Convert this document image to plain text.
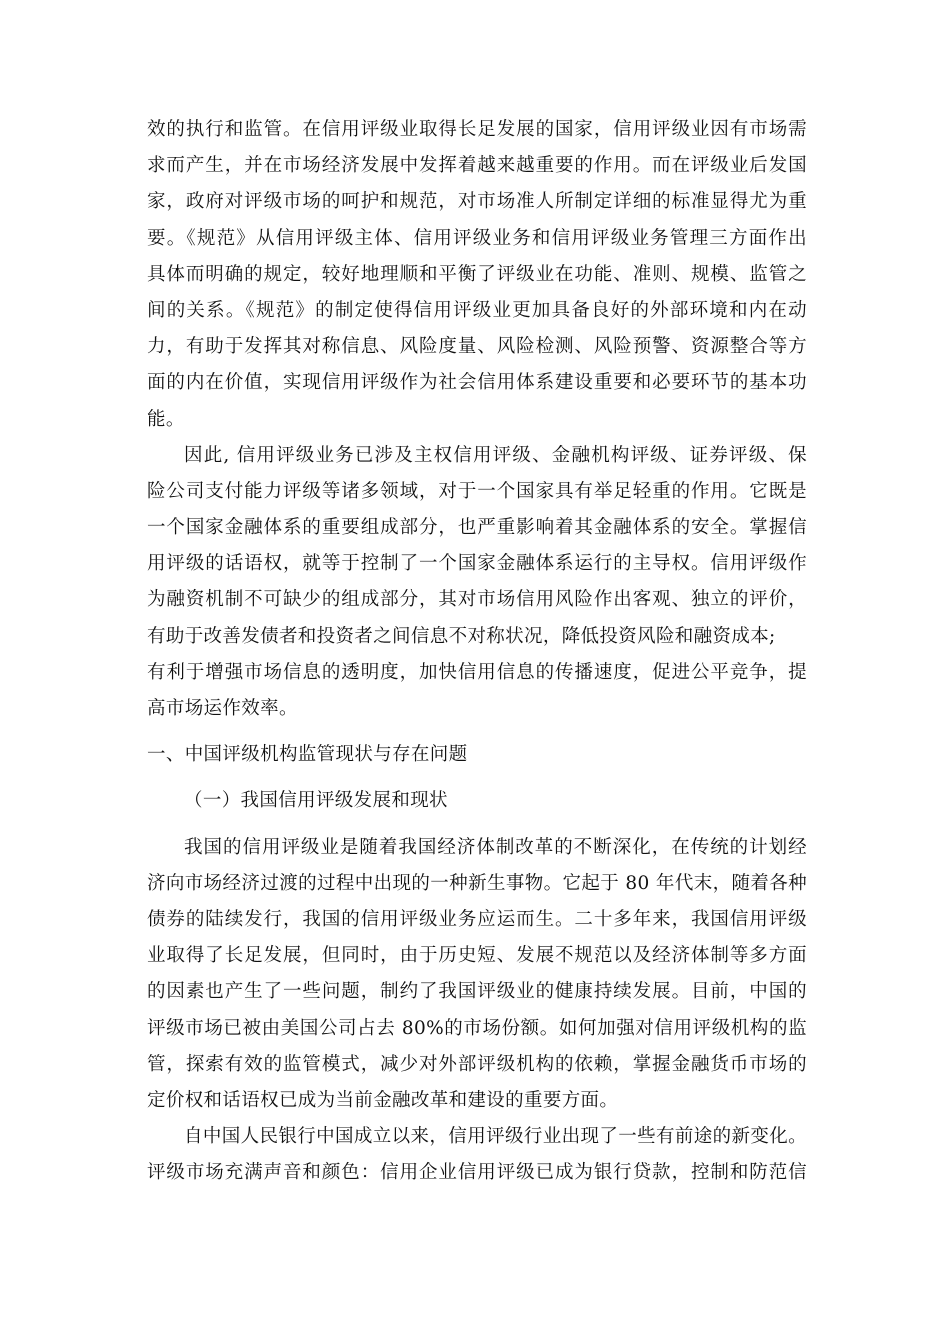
效的执行和监管。在信用评级业取得长足发展的国家，信用评级业因有市场需
求而产生，并在市场经济发展中发挥着越来越重要的作用。而在评级业后发国
家，政府对评级市场的呵护和规范，对市场准人所制定详细的标准显得尤为重
要。《规范》从信用评级主体、信用评级业务和信用评级业务管理三方面作出
具体而明确的规定，较好地理顺和平衡了评级业在功能、准则、规模、监管之
间的关系。《规范》的制定使得信用评级业更加具备良好的外部环境和内在动
力，有助于发挥其对称信息、风险度量、风险检测、风险预警、资源整合等方
面的内在价值，实现信用评级作为社会信用体系建设重要和必要环节的基本功
能。
因此, 信用评级业务已涉及主权信用评级、金融机构评级、证券评级、保
险公司支付能力评级等诸多领域，对于一个国家具有举足轻重的作用。它既是
一个国家金融体系的重要组成部分，也严重影响着其金融体系的安全。掌握信
用评级的话语权，就等于控制了一个国家金融体系运行的主导权。信用评级作
为融资机制不可缺少的组成部分，其对市场信用风险作出客观、独立的评价，
有助于改善发债者和投资者之间信息不对称状况，降低投资风险和融资成本;
有利于增强市场信息的透明度，加快信用信息的传播速度，促进公平竞争，提
高市场运作效率。
一、中国评级机构监管现状与存在问题
（一）我国信用评级发展和现状
我国的信用评级业是随着我国经济体制改革的不断深化，在传统的计划经
济向市场经济过渡的过程中出现的一种新生事物。它起于 80 年代末，随着各种
债券的陆续发行，我国的信用评级业务应运而生。二十多年来，我国信用评级
业取得了长足发展，但同时，由于历史短、发展不规范以及经济体制等多方面
的因素也产生了一些问题，制约了我国评级业的健康持续发展。目前，中国的
评级市场已被由美国公司占去 80%的市场份额。如何加强对信用评级机构的监
管，探索有效的监管模式，减少对外部评级机构的依赖，掌握金融货币市场的
定价权和话语权已成为当前金融改革和建设的重要方面。
自中国人民银行中国成立以来，信用评级行业出现了一些有前途的新变化。
评级市场充满声音和颜色：信用企业信用评级已成为银行贷款，控制和防范信
